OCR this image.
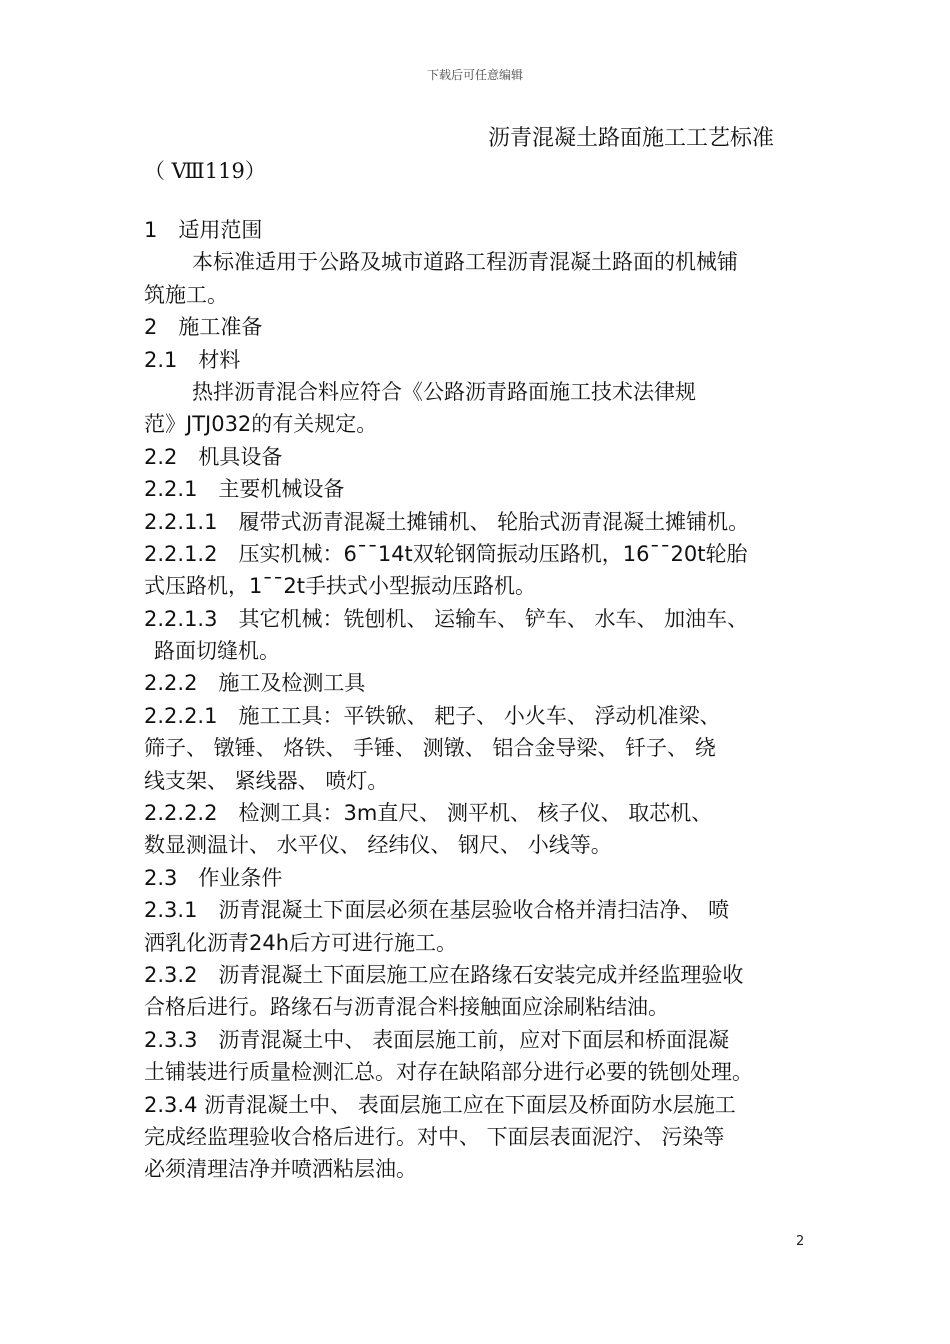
下载后可任意编辑
沥青混凝土路面施工工艺标准
（ Ⅷ119）
1　适用范围
本标准适用于公路及城市道路工程沥青混凝土路面的机械铺
筑施工。
2　施工准备
2.1　材料
热拌沥青混合料应符合《公路沥青路面施工技术法律规
范》JTJ032的有关规定。
2.2　机具设备
2.2.1　主要机械设备
2.2.1.1　履带式沥青混凝土摊铺机、 轮胎式沥青混凝土摊铺机。
2.2.1.2　压实机械：6¯¯14t双轮钢筒振动压路机，16¯¯20t轮胎
式压路机，1¯¯2t手扶式小型振动压路机。
2.2.1.3　其它机械：铣刨机、 运输车、 铲车、 水车、 加油车、
路面切缝机。
2.2.2　施工及检测工具
2.2.2.1　施工工具：平铁锨、 耙子、 小火车、 浮动机准梁、
筛子、 镦锤、 烙铁、 手锤、 测镦、 铝合金导梁、 钎子、 绕
线支架、 紧线器、 喷灯。
2.2.2.2　检测工具：3m直尺、 测平机、 核子仪、 取芯机、
数显测温计、 水平仪、 经纬仪、 钢尺、 小线等。
2.3　作业条件
2.3.1　沥青混凝土下面层必须在基层验收合格并清扫洁净、 喷
洒乳化沥青24h后方可进行施工。
2.3.2　沥青混凝土下面层施工应在路缘石安装完成并经监理验收
合格后进行。路缘石与沥青混合料接触面应涂刷粘结油。
2.3.3　沥青混凝土中、 表面层施工前，应对下面层和桥面混凝
土铺装进行质量检测汇总。对存在缺陷部分进行必要的铣刨处理。
2.3.4 沥青混凝土中、 表面层施工应在下面层及桥面防水层施工
完成经监理验收合格后进行。对中、 下面层表面泥泞、 污染等
必须清理洁净并喷洒粘层油。
2
